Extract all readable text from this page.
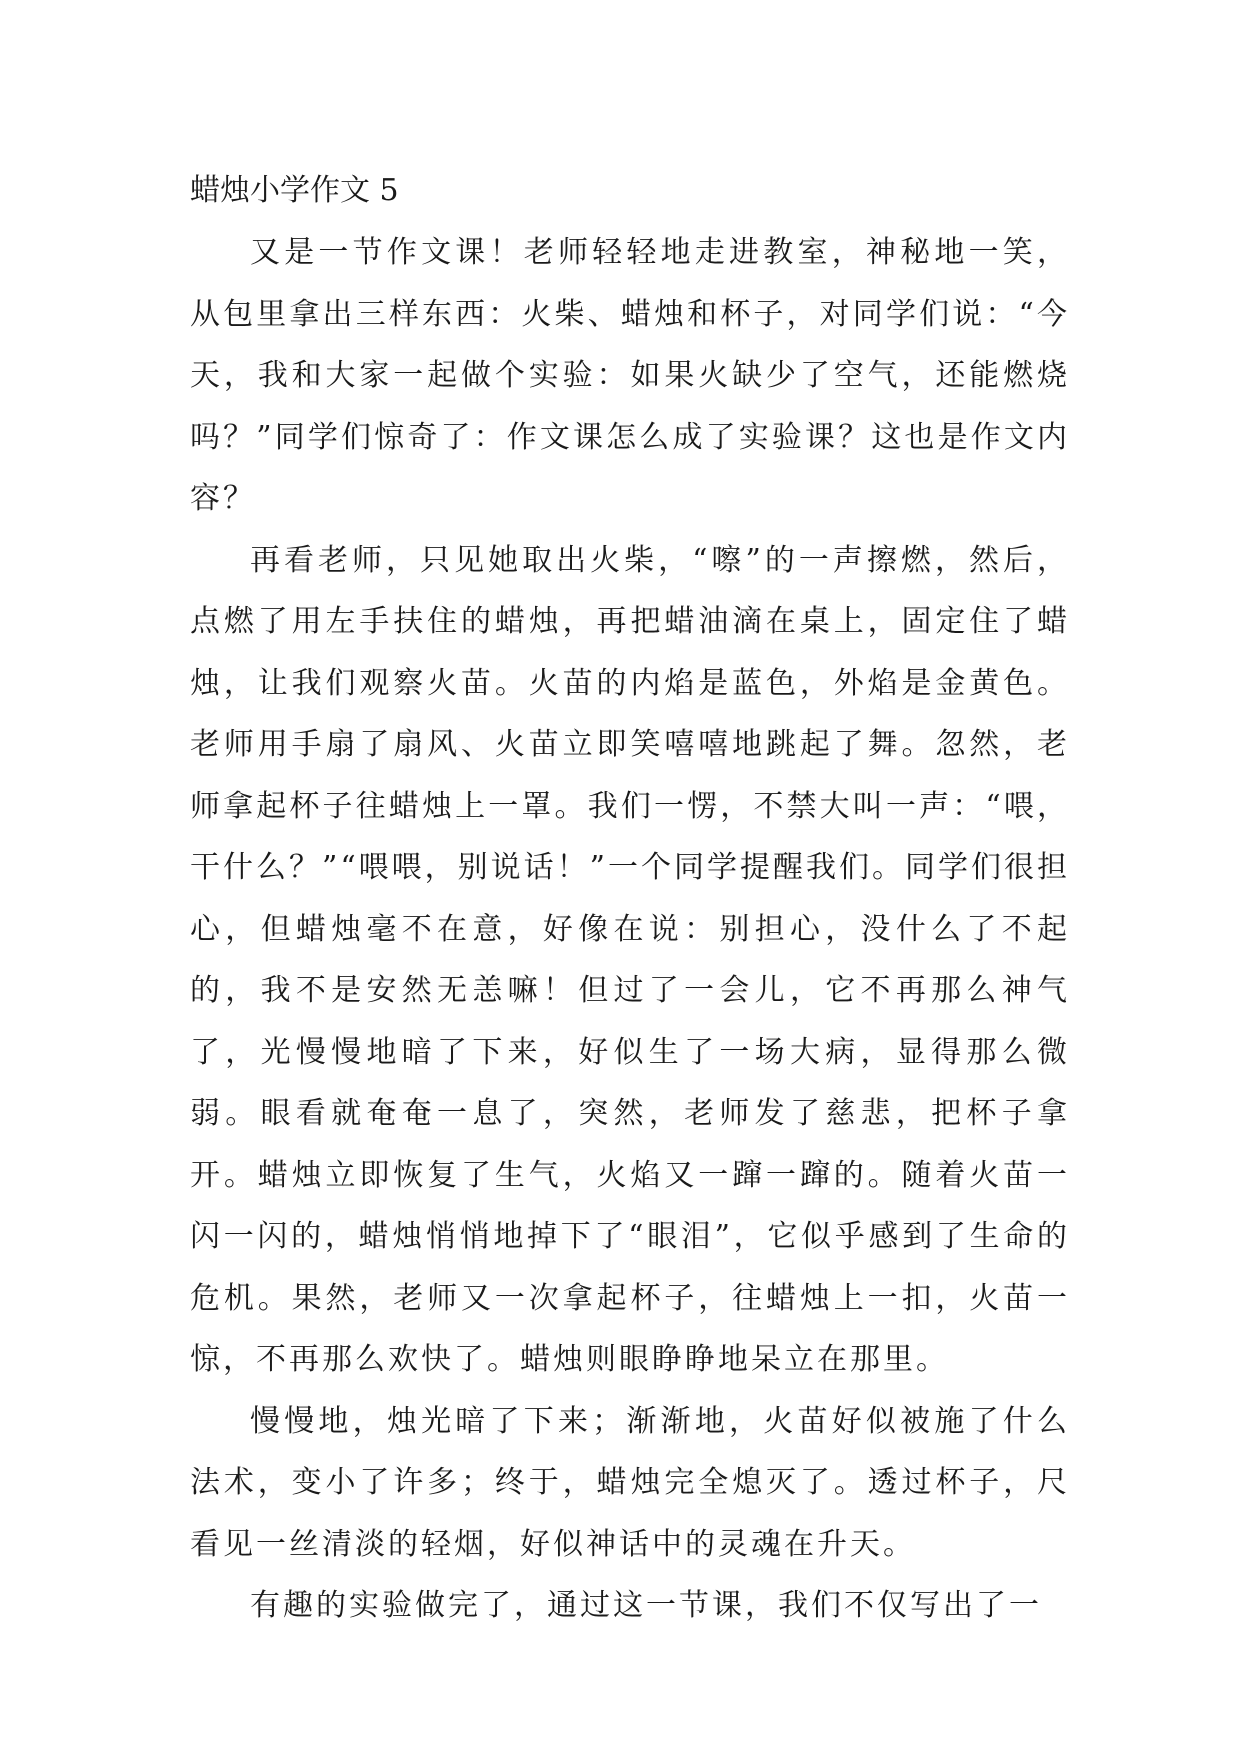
蜡烛小学作文 5

又是一节作文课！老师轻轻地走进教室，神秘地一笑，从包里拿出三样东西：火柴、蜡烛和杯子，对同学们说：“今天，我和大家一起做个实验：如果火缺少了空气，还能燃烧吗？”同学们惊奇了：作文课怎么成了实验课？这也是作文内容？

再看老师，只见她取出火柴，“嚓”的一声擦燃，然后，点燃了用左手扶住的蜡烛，再把蜡油滴在桌上，固定住了蜡烛，让我们观察火苗。火苗的内焰是蓝色，外焰是金黄色。老师用手扇了扇风、火苗立即笑嘻嘻地跳起了舞。忽然，老师拿起杯子往蜡烛上一罩。我们一愣，不禁大叫一声：“喂，干什么？”“喂喂，别说话！”一个同学提醒我们。同学们很担心，但蜡烛毫不在意，好像在说：别担心，没什么了不起的，我不是安然无恙嘛！但过了一会儿，它不再那么神气了，光慢慢地暗了下来，好似生了一场大病，显得那么微弱。眼看就奄奄一息了，突然，老师发了慈悲，把杯子拿开。蜡烛立即恢复了生气，火焰又一蹿一蹿的。随着火苗一闪一闪的，蜡烛悄悄地掉下了“眼泪”，它似乎感到了生命的危机。果然，老师又一次拿起杯子，往蜡烛上一扣，火苗一惊，不再那么欢快了。蜡烛则眼睁睁地呆立在那里。

慢慢地，烛光暗了下来；渐渐地，火苗好似被施了什么法术，变小了许多；终于，蜡烛完全熄灭了。透过杯子，尺看见一丝清淡的轻烟，好似神话中的灵魂在升天。

有趣的实验做完了，通过这一节课，我们不仅写出了一
